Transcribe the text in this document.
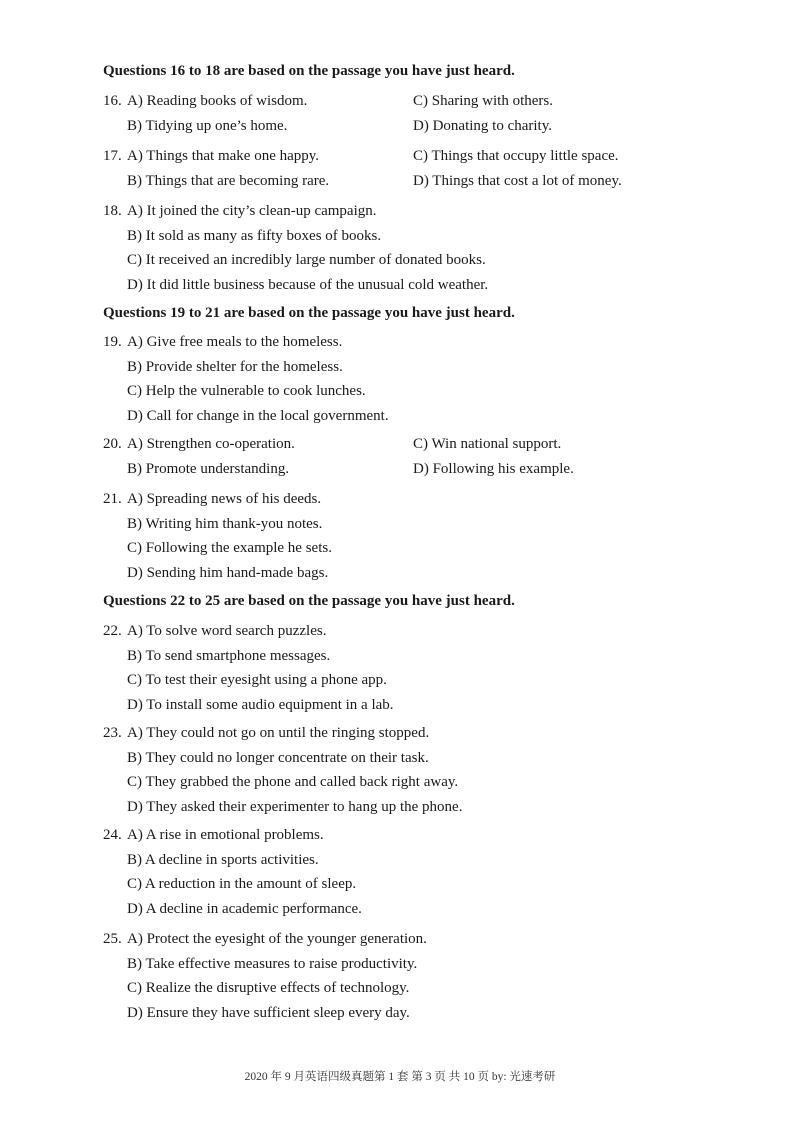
Questions 16 to 18 are based on the passage you have just heard.
16. A) Reading books of wisdom.	C) Sharing with others.
B) Tidying up one’s home.	D) Donating to charity.
17. A) Things that make one happy.	C) Things that occupy little space.
B) Things that are becoming rare.	D) Things that cost a lot of money.
18. A) It joined the city’s clean-up campaign.
B) It sold as many as fifty boxes of books.
C) It received an incredibly large number of donated books.
D) It did little business because of the unusual cold weather.
Questions 19 to 21 are based on the passage you have just heard.
19. A) Give free meals to the homeless.
B) Provide shelter for the homeless.
C) Help the vulnerable to cook lunches.
D) Call for change in the local government.
20. A) Strengthen co-operation.	C) Win national support.
B) Promote understanding.	D) Following his example.
21. A) Spreading news of his deeds.
B) Writing him thank-you notes.
C) Following the example he sets.
D) Sending him hand-made bags.
Questions 22 to 25 are based on the passage you have just heard.
22. A) To solve word search puzzles.
B) To send smartphone messages.
C) To test their eyesight using a phone app.
D) To install some audio equipment in a lab.
23. A) They could not go on until the ringing stopped.
B) They could no longer concentrate on their task.
C) They grabbed the phone and called back right away.
D) They asked their experimenter to hang up the phone.
24. A) A rise in emotional problems.
B) A decline in sports activities.
C) A reduction in the amount of sleep.
D) A decline in academic performance.
25. A) Protect the eyesight of the younger generation.
B) Take effective measures to raise productivity.
C) Realize the disruptive effects of technology.
D) Ensure they have sufficient sleep every day.
2020 年 9 月英语四级真题第 1 套 第 3 页 共 10 页 by: 光速考研
